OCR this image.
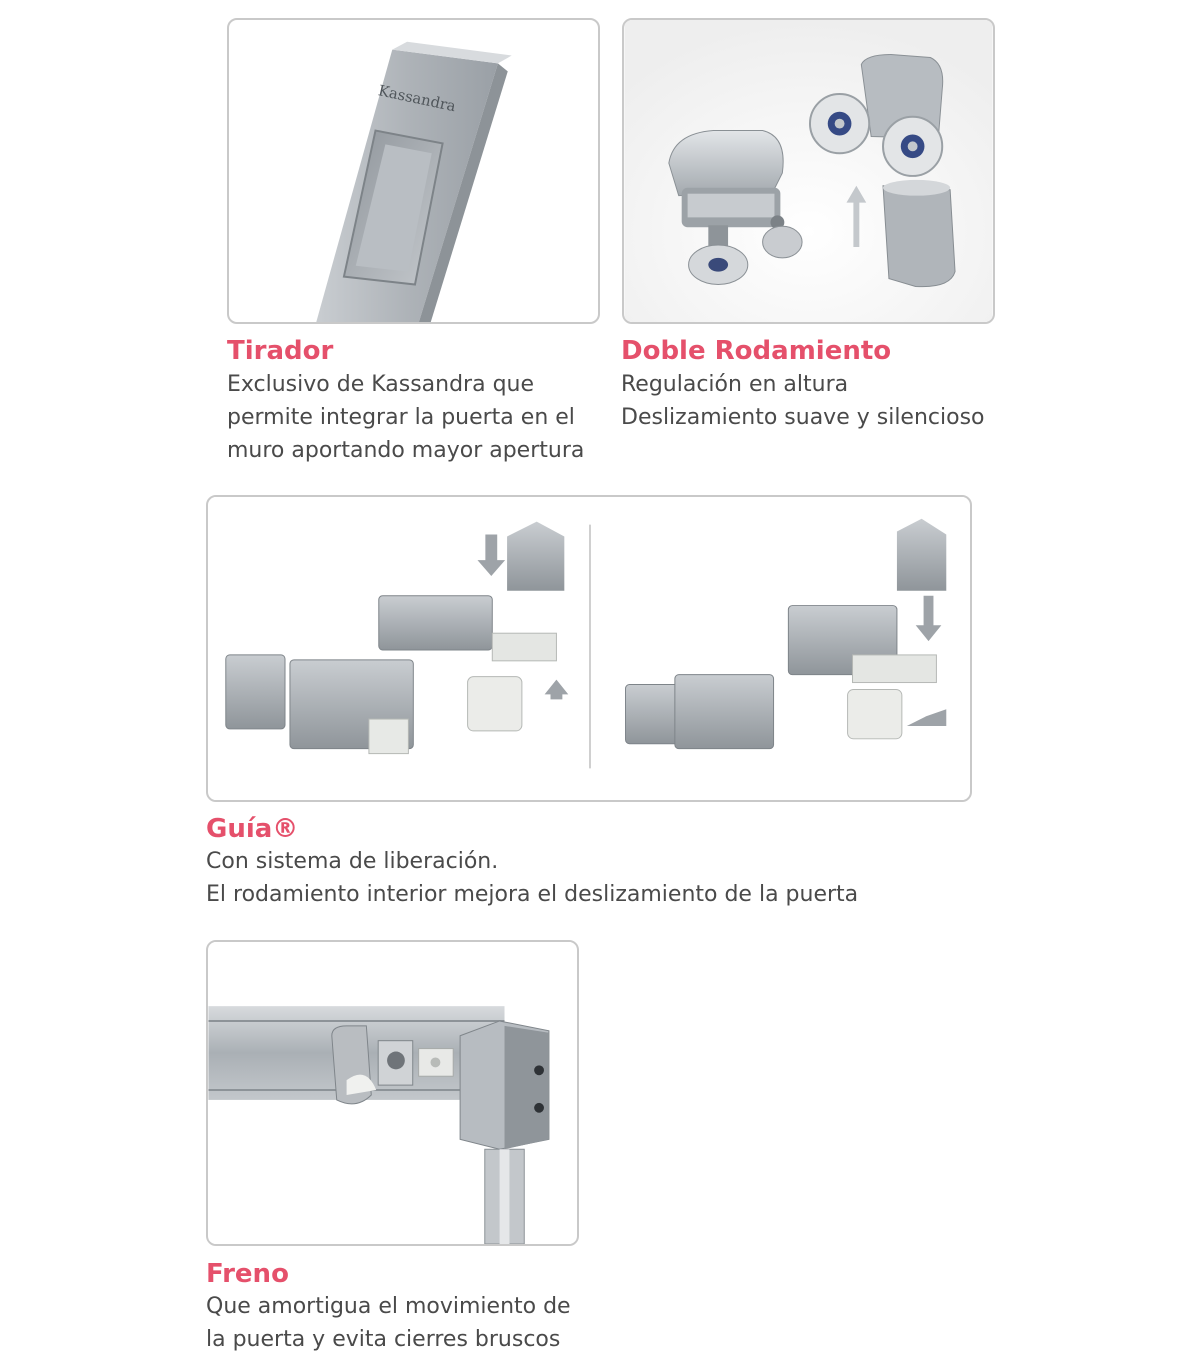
Kassandra
Tirador
Exclusivo de Kassandra que
permite integrar la puerta en el
muro aportando mayor apertura
Doble Rodamiento
Regulación en altura
Deslizamiento suave y silencioso
Guía®
Con sistema de liberación.
El rodamiento interior mejora el deslizamiento de la puerta
Freno
Que amortigua el movimiento de
la puerta y evita cierres bruscos
